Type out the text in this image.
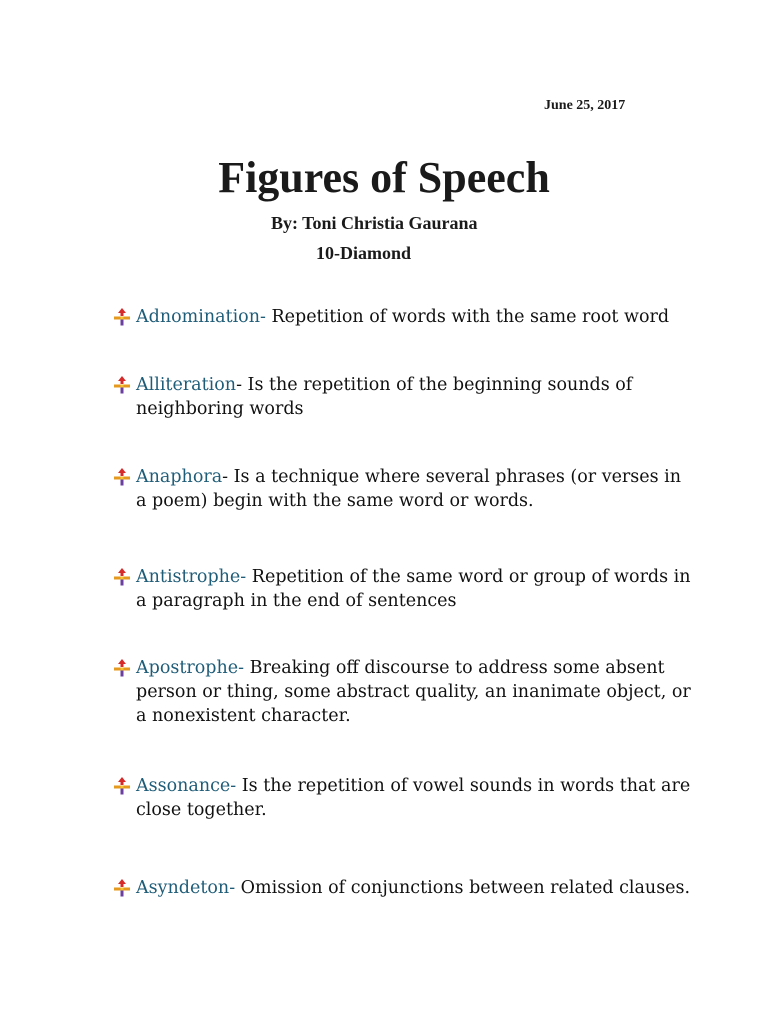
June 25, 2017
Figures of Speech
By: Toni Christia Gaurana
10-Diamond
Adnomination- Repetition of words with the same root word
Alliteration- Is the repetition of the beginning sounds of neighboring words
Anaphora- Is a technique where several phrases (or verses in a poem) begin with the same word or words.
Antistrophe- Repetition of the same word or group of words in a paragraph in the end of sentences
Apostrophe- Breaking off discourse to address some absent person or thing, some abstract quality, an inanimate object, or a nonexistent character.
Assonance- Is the repetition of vowel sounds in words that are close together.
Asyndeton- Omission of conjunctions between related clauses.
